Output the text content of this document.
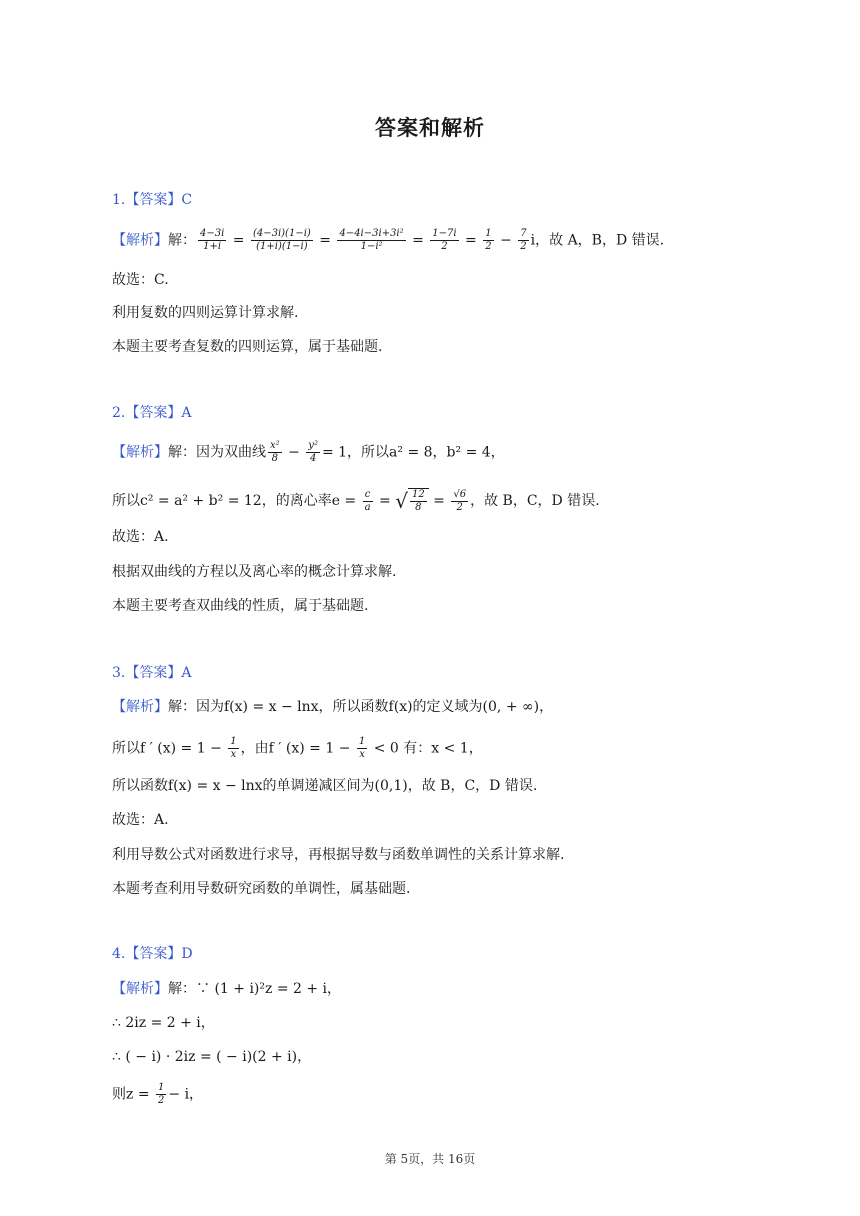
答案和解析
1.【答案】C
【解析】解： $\frac{4-3i}{1+i} = \frac{(4-3i)(1-i)}{(1+i)(1-i)} = \frac{\text{4−4i−3i+3i²}}{\text{1−i²}} = \frac{1-7i}{2} = \frac{1}{2} - \frac{7}{2}$ i，故 A，B，D 错误.
故选：C.
利用复数的四则运算计算求解.
本题主要考查复数的四则运算，属于基础题.
2.【答案】A
【解析】解：因为双曲线 $\frac{\text{x²}}{8} - \frac{\text{y²}}{4} = 1$，所以a² = 8，b² = 4，
所以c² = a² + b² = 12，的离心率$e = \frac{c}{a}$ = √ $\frac{12}{8} = \frac{√6}{2}$ ，故 B，C，D 错误.
故选：A.
根据双曲线的方程以及离心率的概念计算求解.
本题主要考查双曲线的性质，属于基础题.
3.【答案】A
【解析】解：因为f(x) = x − lnx，所以函数f(x)的定义域为(0, + ∞)，
所以f ′ $(x) = 1 - \frac{1}{x}$ ，由f ′ $(x) = 1 - \frac{1}{x} < 0$ 有：x < 1，
所以函数f(x) = x − lnx的单调递减区间为(0,1)，故 B，C，D 错误.
故选：A.
利用导数公式对函数进行求导，再根据导数与函数单调性的关系计算求解.
本题考查利用导数研究函数的单调性，属基础题.
4.【答案】D
【解析】解：∵ (1 + i)²z = 2 + i，
∴ 2iz = 2 + i，
∴ ( − i) · 2iz = ( − i)(2 + i)，
则$z = \frac{1}{2} - i$，
第 5页，共 16页
